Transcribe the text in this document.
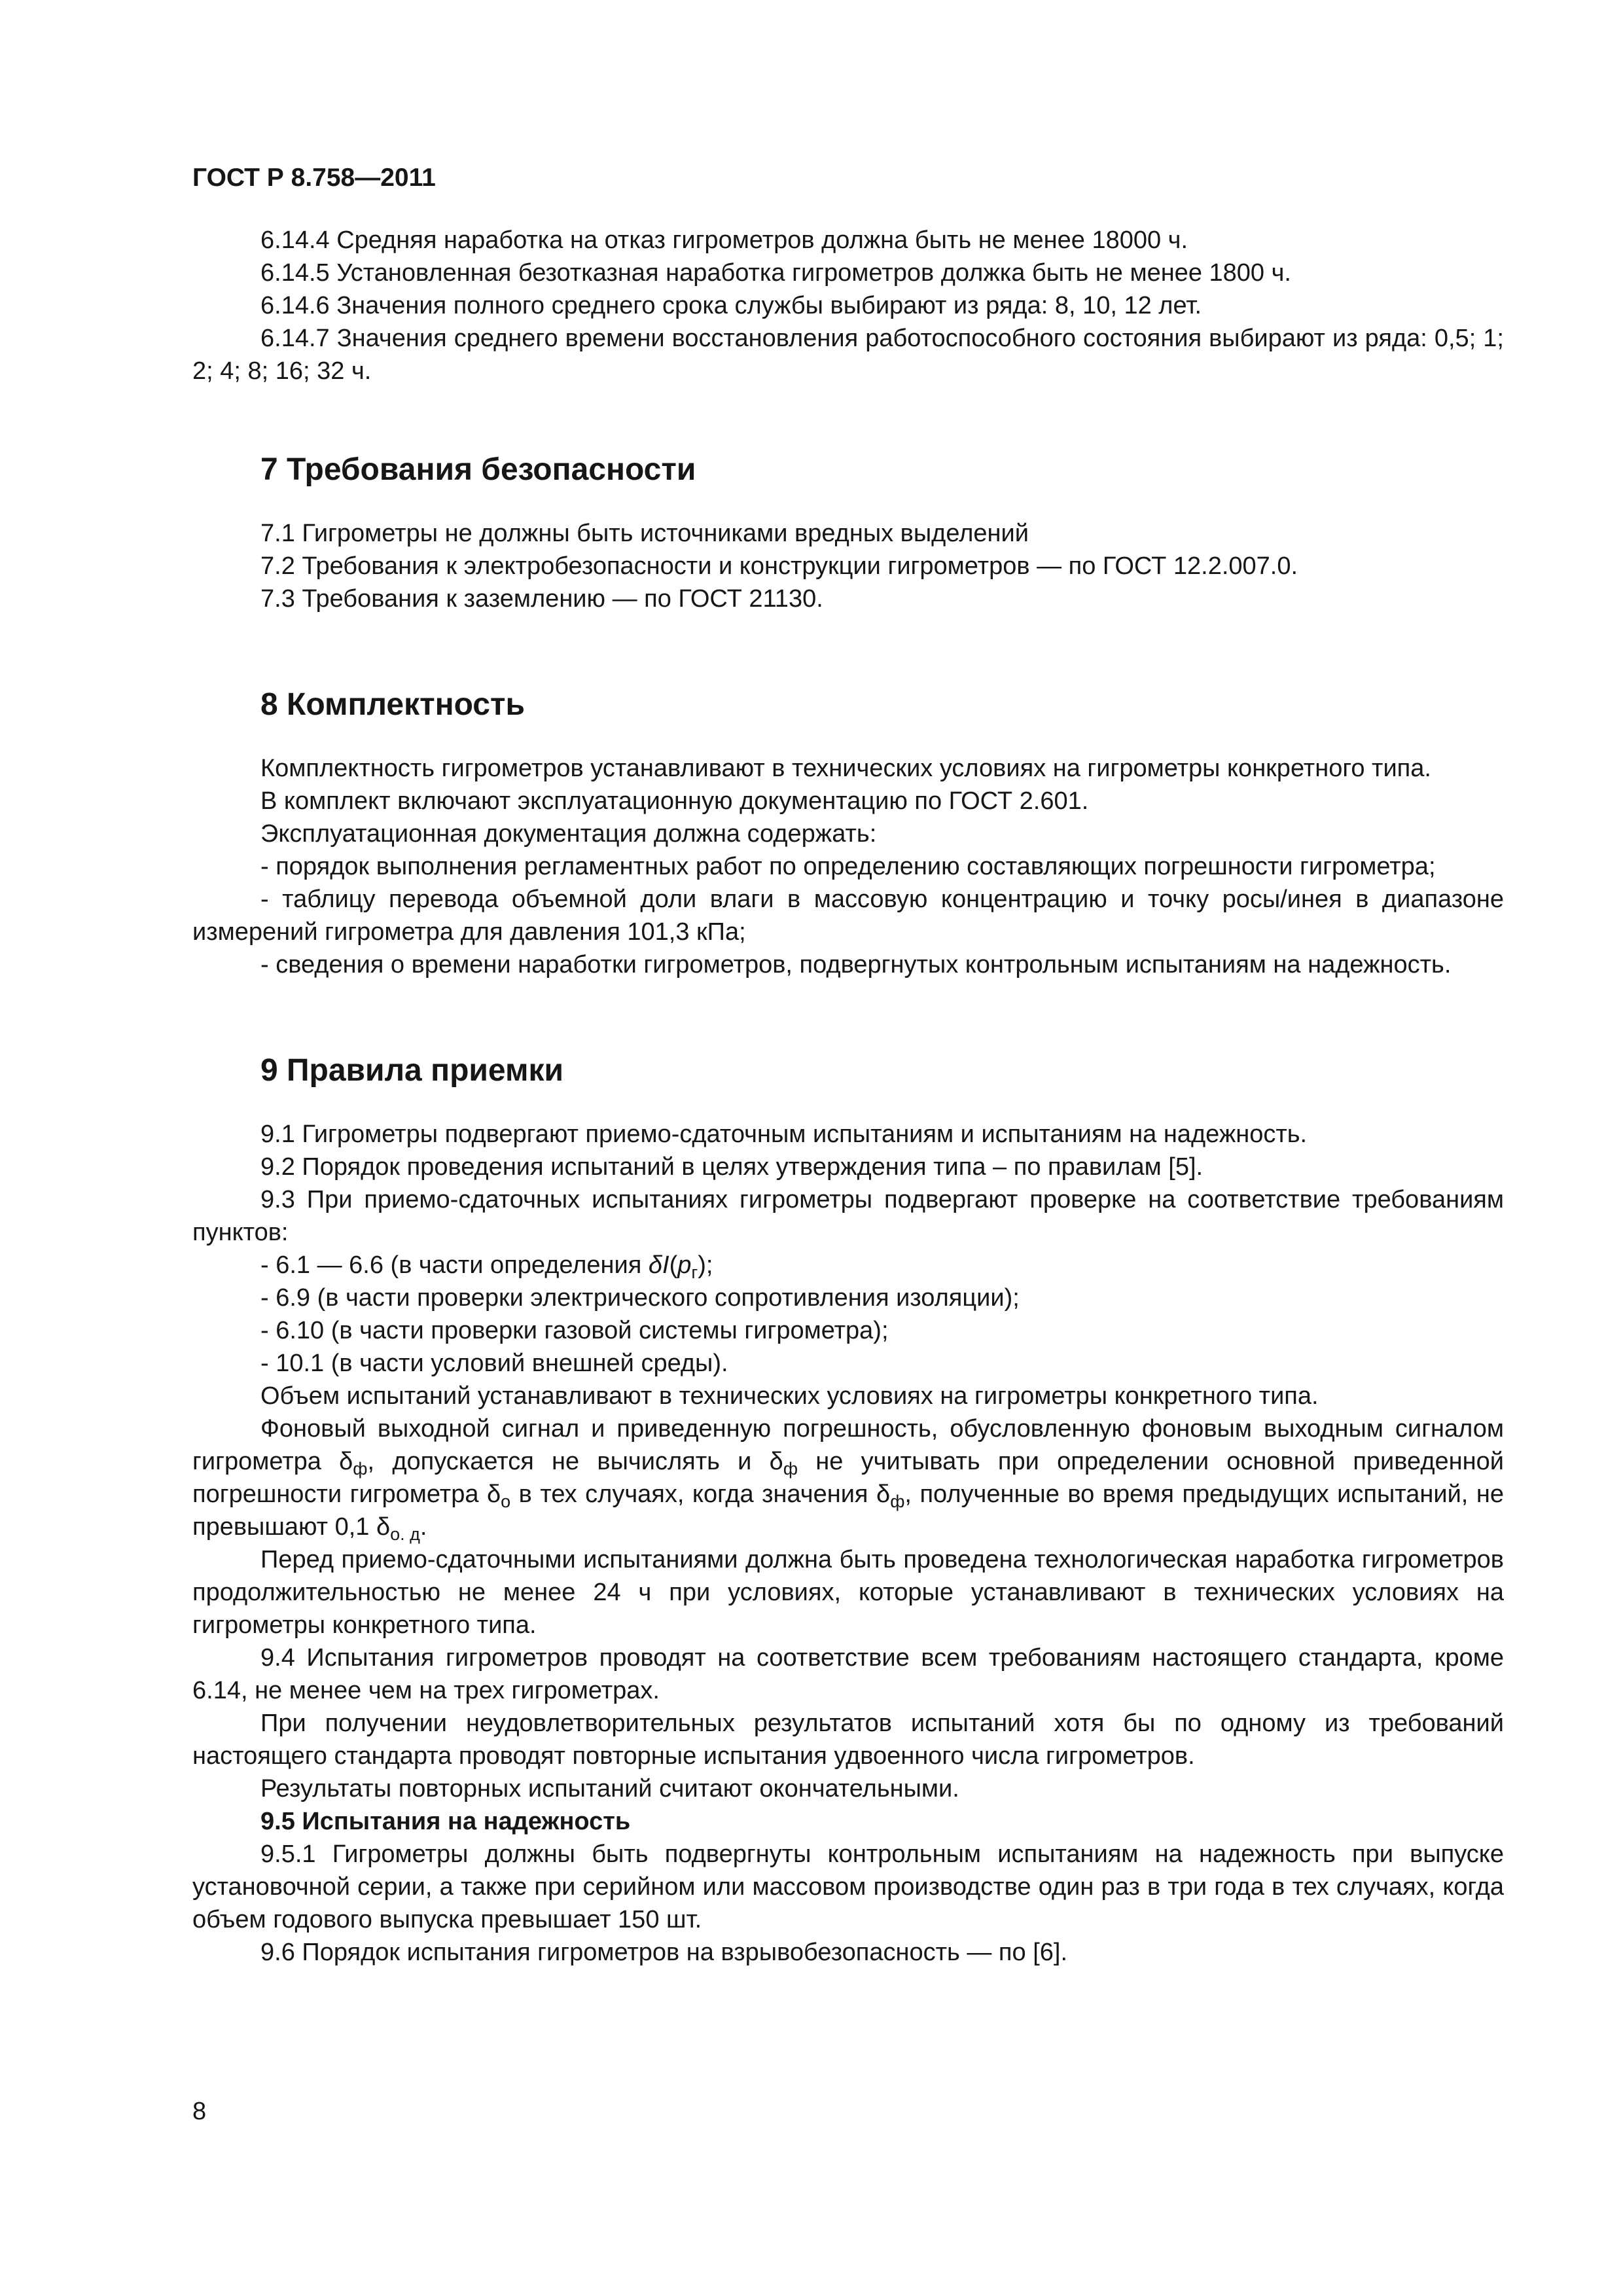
ГОСТ Р 8.758—2011

6.14.4 Средняя наработка на отказ гигрометров должна быть не менее 18000 ч.

6.14.5 Установленная безотказная наработка гигрометров должка быть не менее 1800 ч.

6.14.6 Значения полного среднего срока службы выбирают из ряда: 8, 10, 12 лет.

6.14.7 Значения среднего времени восстановления работоспособного состояния выбирают из ряда: 0,5; 1; 2; 4; 8; 16; 32 ч.

7 Требования безопасности

7.1 Гигрометры не должны быть источниками вредных выделений

7.2 Требования к электробезопасности и конструкции гигрометров — по ГОСТ 12.2.007.0.

7.3 Требования к заземлению — по ГОСТ 21130.

8 Комплектность

Комплектность гигрометров устанавливают в технических условиях на гигрометры конкретного типа.

В комплект включают эксплуатационную документацию по ГОСТ 2.601.

Эксплуатационная документация должна содержать:

- порядок выполнения регламентных работ по определению составляющих погрешности гигрометра;

- таблицу перевода объемной доли влаги в массовую концентрацию и точку росы/инея в диапазоне измерений гигрометра для давления 101,3 кПа;

- сведения о времени наработки гигрометров, подвергнутых контрольным испытаниям на надежность.

9 Правила приемки

9.1 Гигрометры подвергают приемо-сдаточным испытаниям и испытаниям на надежность.

9.2 Порядок проведения испытаний в целях утверждения типа – по правилам [5].

9.3 При приемо-сдаточных испытаниях гигрометры подвергают проверке на соответствие требованиям пунктов:

- 6.1 — 6.6 (в части определения $\delta I(p_г)$;

- 6.9 (в части проверки электрического сопротивления изоляции);

- 6.10 (в части проверки газовой системы гигрометра);

- 10.1 (в части условий внешней среды).

Объем испытаний устанавливают в технических условиях на гигрометры конкретного типа.

Фоновый выходной сигнал и приведенную погрешность, обусловленную фоновым выходным сигналом гигрометра $\delta_ф$, допускается не вычислять и $\delta_ф$ не учитывать при определении основной приведенной погрешности гигрометра $\delta_о$ в тех случаях, когда значения $\delta_ф$, полученные во время предыдущих испытаний, не превышают 0,1 $\delta_{о. д}$.

Перед приемо-сдаточными испытаниями должна быть проведена технологическая наработка гигрометров продолжительностью не менее 24 ч при условиях, которые устанавливают в технических условиях на гигрометры конкретного типа.

9.4 Испытания гигрометров проводят на соответствие всем требованиям настоящего стандарта, кроме 6.14, не менее чем на трех гигрометрах.

При получении неудовлетворительных результатов испытаний хотя бы по одному из требований настоящего стандарта проводят повторные испытания удвоенного числа гигрометров.

Результаты повторных испытаний считают окончательными.

9.5 Испытания на надежность

9.5.1 Гигрометры должны быть подвергнуты контрольным испытаниям на надежность при выпуске установочной серии, а также при серийном или массовом производстве один раз в три года в тех случаях, когда объем годового выпуска превышает 150 шт.

9.6 Порядок испытания гигрометров на взрывобезопасность — по [6].

8
